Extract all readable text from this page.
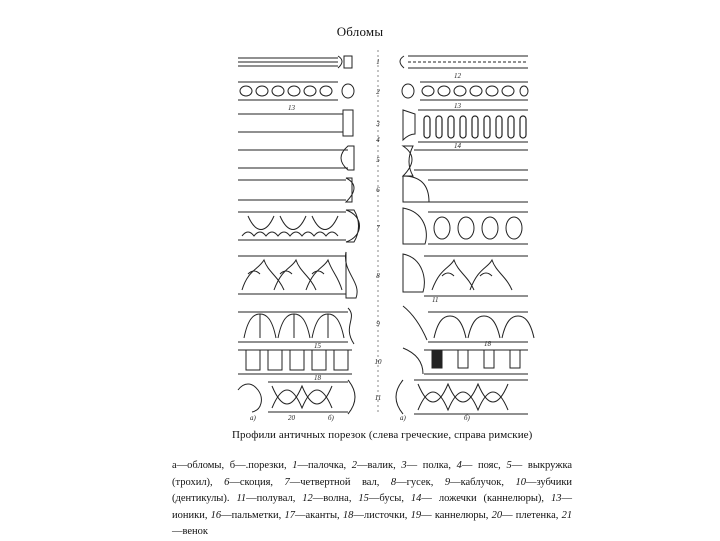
Обломы
1
2
3
4
5
6
7
8
9
10
11
13
12
13
14
11
15
18
18
a)	20	б)	a)	б)
Профили античных порезок (слева греческие, справа римские)
а—обломы, б—.порезки, 1—палочка, 2—валик, 3— полка, 4— пояс, 5— выкружка (трохил), 6—скоция, 7—четвертной вал, 8—гусек, 9—каблучок, 10—зубчики (дентикулы). 11—полувал, 12—волна, 15—бусы, 14— ложечки (каннелюры), 13— ионики, 16—пальметки, 17—аканты, 18—листочки, 19— каннелюры, 20— плетенка, 21—венок
